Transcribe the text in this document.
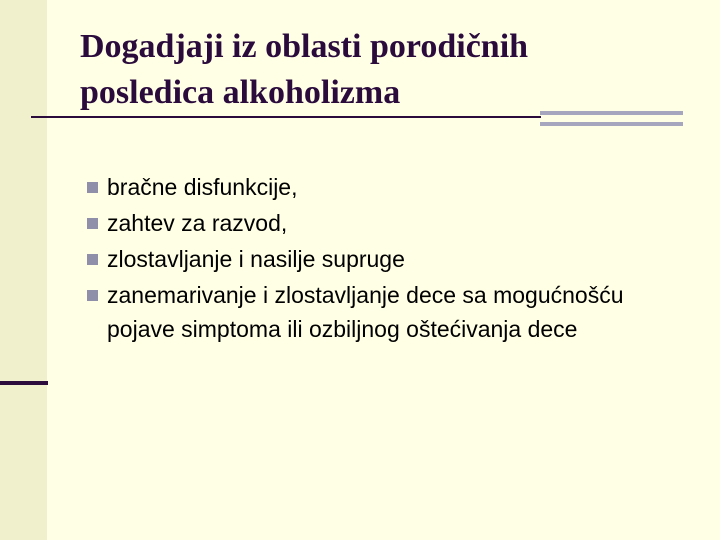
Dogadjaji iz oblasti porodičnih
posledica alkoholizma
bračne disfunkcije,
zahtev za razvod,
zlostavljanje i nasilje supruge
zanemarivanje i zlostavljanje dece sa mogućnošću pojave simptoma ili ozbiljnog oštećivanja dece
